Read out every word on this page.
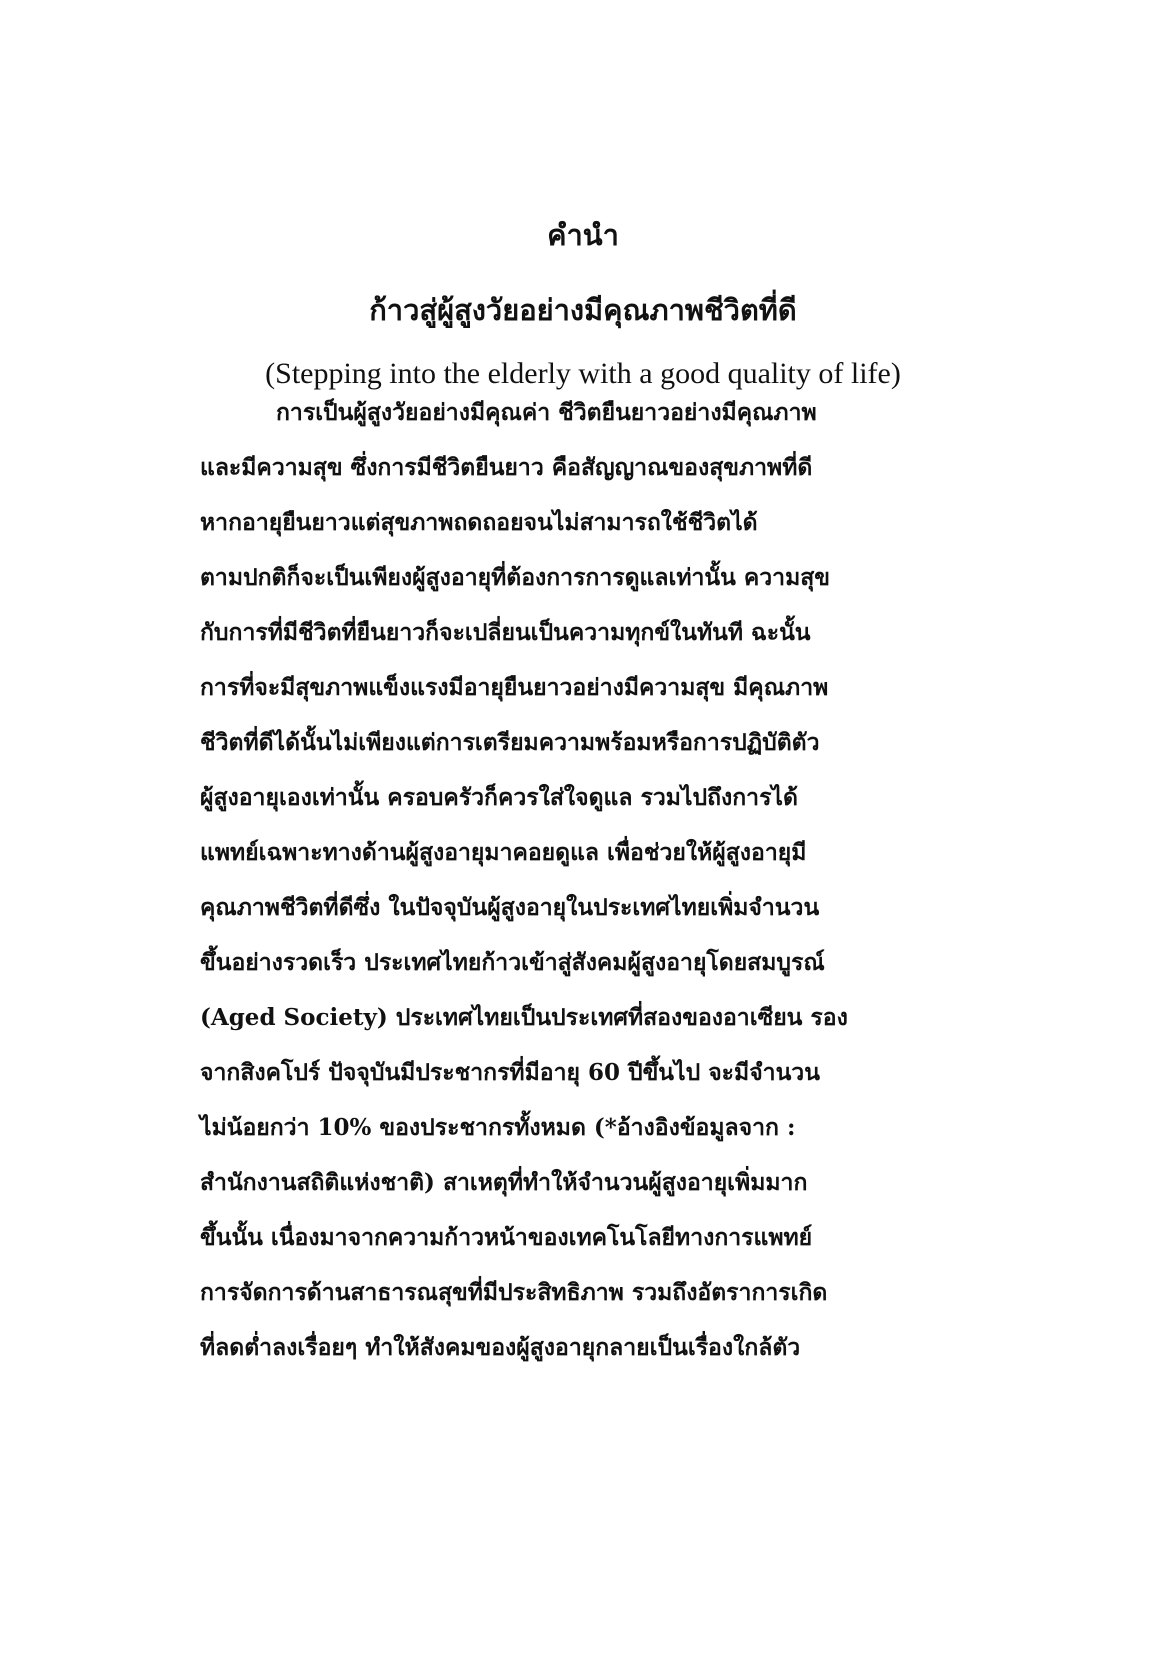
คำนำ
ก้าวสู่ผู้สูงวัยอย่างมีคุณภาพชีวิตที่ดี
(Stepping into the elderly with a good quality of life)
การเป็นผู้สูงวัยอย่างมีคุณค่า ชีวิตยืนยาวอย่างมีคุณภาพ
และมีความสุข ซึ่งการมีชีวิตยืนยาว คือสัญญาณของสุขภาพที่ดี
หากอายุยืนยาวแต่สุขภาพถดถอยจนไม่สามารถใช้ชีวิตได้
ตามปกติก็จะเป็นเพียงผู้สูงอายุที่ต้องการการดูแลเท่านั้น ความสุข
กับการที่มีชีวิตที่ยืนยาวก็จะเปลี่ยนเป็นความทุกข์ในทันที ฉะนั้น
การที่จะมีสุขภาพแข็งแรงมีอายุยืนยาวอย่างมีความสุข มีคุณภาพ
ชีวิตที่ดีได้นั้นไม่เพียงแต่การเตรียมความพร้อมหรือการปฏิบัติตัว
ผู้สูงอายุเองเท่านั้น ครอบครัวก็ควรใส่ใจดูแล รวมไปถึงการได้
แพทย์เฉพาะทางด้านผู้สูงอายุมาคอยดูแล เพื่อช่วยให้ผู้สูงอายุมี
คุณภาพชีวิตที่ดีซึ่ง ในปัจจุบันผู้สูงอายุในประเทศไทยเพิ่มจำนวน
ขึ้นอย่างรวดเร็ว ประเทศไทยก้าวเข้าสู่สังคมผู้สูงอายุโดยสมบูรณ์
(Aged Society) ประเทศไทยเป็นประเทศที่สองของอาเซียน รอง
จากสิงคโปร์ ปัจจุบันมีประชากรที่มีอายุ 60 ปีขึ้นไป จะมีจำนวน
ไม่น้อยกว่า 10% ของประชากรทั้งหมด (*อ้างอิงข้อมูลจาก :
สำนักงานสถิติแห่งชาติ) สาเหตุที่ทำให้จำนวนผู้สูงอายุเพิ่มมาก
ขึ้นนั้น เนื่องมาจากความก้าวหน้าของเทคโนโลยีทางการแพทย์
การจัดการด้านสาธารณสุขที่มีประสิทธิภาพ รวมถึงอัตราการเกิด
ที่ลดต่ำลงเรื่อยๆ ทำให้สังคมของผู้สูงอายุกลายเป็นเรื่องใกล้ตัว
